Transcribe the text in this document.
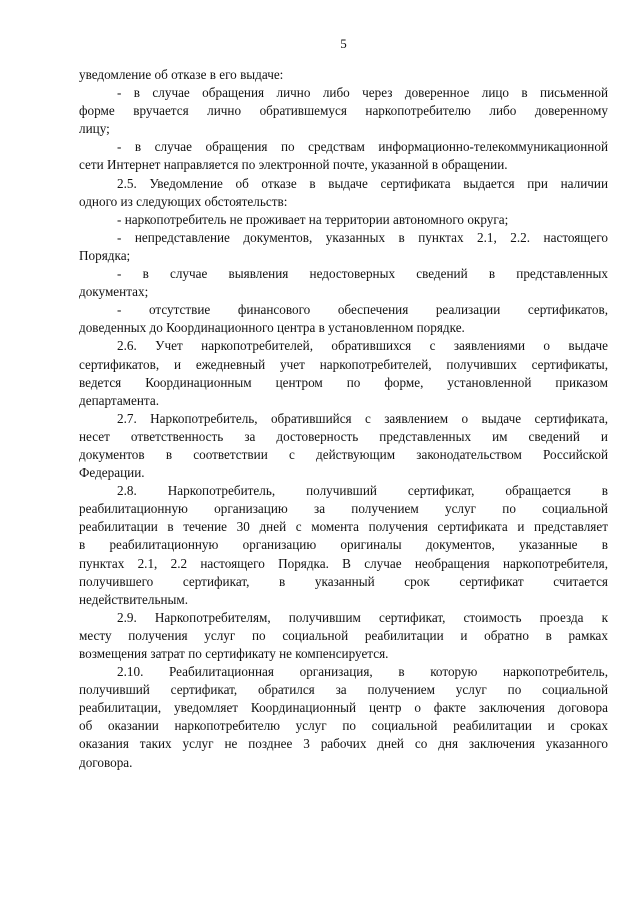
5
уведомление об отказе в его выдаче:
- в случае обращения лично либо через доверенное лицо в письменной
форме вручается лично обратившемуся наркопотребителю либо доверенному
лицу;
- в случае обращения по средствам информационно-телекоммуникационной
сети Интернет направляется по электронной почте, указанной в обращении.
2.5. Уведомление об отказе в выдаче сертификата выдается при наличии
одного из следующих обстоятельств:
- наркопотребитель не проживает на территории автономного округа;
- непредставление документов, указанных в пунктах 2.1, 2.2. настоящего
Порядка;
- в случае выявления недостоверных сведений в представленных
документах;
- отсутствие финансового обеспечения реализации сертификатов,
доведенных до Координационного центра в установленном порядке.
2.6. Учет наркопотребителей, обратившихся с заявлениями о выдаче
сертификатов, и ежедневный учет наркопотребителей, получивших сертификаты,
ведется Координационным центром по форме, установленной приказом
департамента.
2.7. Наркопотребитель, обратившийся с заявлением о выдаче сертификата,
несет ответственность за достоверность представленных им сведений и
документов в соответствии с действующим законодательством Российской
Федерации.
2.8. Наркопотребитель, получивший сертификат, обращается в
реабилитационную организацию за получением услуг по социальной
реабилитации в течение 30 дней с момента получения сертификата и представляет
в реабилитационную организацию оригиналы документов, указанные в
пунктах 2.1, 2.2 настоящего Порядка. В случае необращения наркопотребителя,
получившего сертификат, в указанный срок сертификат считается
недействительным.
2.9. Наркопотребителям, получившим сертификат, стоимость проезда к
месту получения услуг по социальной реабилитации и обратно в рамках
возмещения затрат по сертификату не компенсируется.
2.10. Реабилитационная организация, в которую наркопотребитель,
получивший сертификат, обратился за получением услуг по социальной
реабилитации, уведомляет Координационный центр о факте заключения договора
об оказании наркопотребителю услуг по социальной реабилитации и сроках
оказания таких услуг не позднее 3 рабочих дней со дня заключения указанного
договора.
